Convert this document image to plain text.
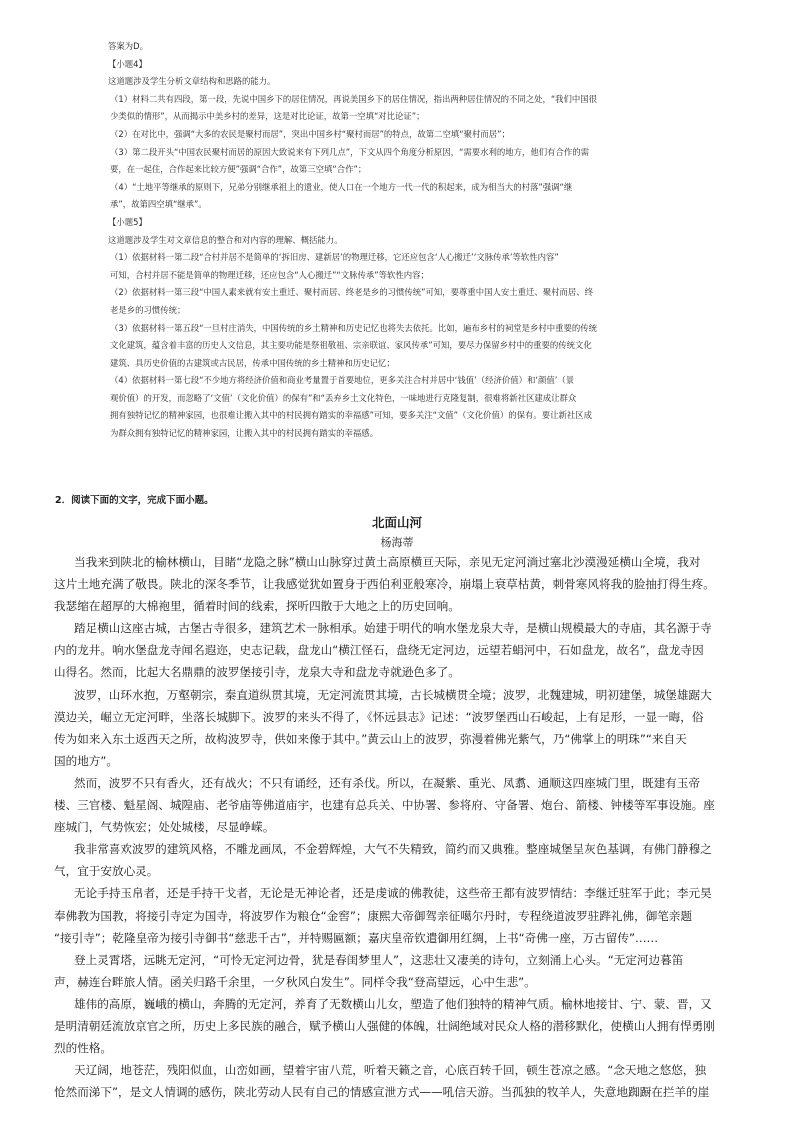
答案为D。
【小题4】
这道题涉及学生分析文章结构和思路的能力。
（1）材料二共有四段，第一段，先说中国乡下的居住情况，再说美国乡下的居住情况，指出两种居住情况的不同之处，“我们中国很
少类似的情形”，从而揭示中美乡村的差异，这是对比论证，故第一空填“对比论证”；
（2）在对比中，强调“大多的农民是聚村而居”，突出中国乡村“聚村而居”的特点，故第二空填“聚村而居”；
（3）第二段开头“中国农民聚村而居的原因大致说来有下列几点”，下文从四个角度分析原因，“需要水利的地方，他们有合作的需
要，在一起住，合作起来比较方便”强调“合作”，故第三空填“合作”；
（4）“土地平等继承的原则下，兄弟分别继承祖上的遗业，使人口在一个地方一代一代的积起来，成为相当大的村落”强调“继
承”，故第四空填“继承”。
【小题5】
这道题涉及学生对文章信息的整合和对内容的理解、概括能力。
（1）依据材料一第二段“合村并居不是简单的‘拆旧房、建新居’的物理迁移，它还应包含‘人心搬迁’‘文脉传承’等软性内容”
可知，合村并居不能是简单的物理迁移，还应包含“人心搬迁”“文脉传承”等软性内容；
（2）依据材料一第三段“中国人素来就有安土重迁、聚村而居、终老是乡的习惯传统”可知，要尊重中国人安土重迁、聚村而居、终
老是乡的习惯传统；
（3）依据材料一第五段“一旦村庄消失，中国传统的乡土精神和历史记忆也将失去依托。比如，遍布乡村的祠堂是乡村中重要的传统
文化建筑，蕴含着丰富的历史人文信息，其主要功能是祭祖敬祖、宗亲联谊、家风传承”可知，要尽力保留乡村中的重要的传统文化
建筑、具历史价值的古建筑或古民居，传承中国传统的乡土精神和历史记忆；
（4）依据材料一第七段“不少地方将经济价值和商业考量置于首要地位，更多关注合村并居中‘钱值’（经济价值）和‘颜值’（景
观价值）的开发，而忽略了‘文值’（文化价值）的保有”和“丢弃乡土文化特色，一味地进行克隆复制，很难将新社区建成让群众
拥有独特记忆的精神家园，也很难让搬入其中的村民拥有踏实的幸福感”可知，要多关注“文值”（文化价值）的保有。要让新社区成
为群众拥有独特记忆的精神家园，让搬入其中的村民拥有踏实的幸福感。
2．阅读下面的文字，完成下面小题。
北面山河
杨海蒂
当我来到陕北的榆林横山，目睹“龙隐之脉”横山山脉穿过黄土高原横亘天际，亲见无定河淌过塞北沙漠漫延横山全境，我对
这片土地充满了敬畏。陕北的深冬季节，让我感觉犹如置身于西伯利亚般寒冷，崩塌上衰草枯黄，刺骨寒风将我的脸抽打得生疼。
我瑟缩在超厚的大棉袍里，循着时间的线索，探听四散于大地之上的历史回响。
踏足横山这座古城，古堡古寺很多，建筑艺术一脉相承。始建于明代的响水堡龙泉大寺，是横山规模最大的寺庙，其名源于寺
内的龙井。响水堡盘龙寺闻名遐迩，史志记载，盘龙山“横江怪石，盘绕无定河边，远望若蜎河中，石如盘龙，故名”，盘龙寺因
山得名。然而，比起大名鼎鼎的波罗堡接引寺，龙泉大寺和盘龙寺就逊色多了。
波罗，山环水抱，万壑朝宗，秦直道纵贯其境，无定河流贯其境，古长城横贯全境；波罗，北魏建城，明初建堡，城堡雄踞大
漠边关，崛立无定河畔，坐落长城脚下。波罗的来头不得了，《怀远县志》记述：“波罗堡西山石峻起，上有足形，一显一晦，俗
传为如来入东土返西天之所，故构波罗寺，供如来像于其中。”黄云山上的波罗，弥漫着佛光紫气，乃“佛掌上的明珠”“来自天
国的地方”。
然而，波罗不只有香火，还有战火；不只有诵经，还有杀伐。所以，在凝紫、重光、凤翥、通顺这四座城门里，既建有玉帝
楼、三官楼、魁星阁、城隍庙、老爷庙等佛道庙宇，也建有总兵关、中协署、参将府、守备署、炮台、箭楼、钟楼等军事设施。座
座城门，气势恢宏；处处城楼，尽显峥嵘。
我非常喜欢波罗的建筑风格，不雕龙画凤，不金碧辉煌，大气不失精致，简约而又典雅。整座城堡呈灰色基调，有佛门静穆之
气，宜于安放心灵。
无论手持玉帛者，还是手持干戈者，无论是无神论者，还是虔诚的佛教徒，这些帝王都有波罗情结：李继迁驻军于此；李元昊
奉佛教为国教，将接引寺定为国寺，将波罗作为粮仓“金窖”；康熙大帝御驾亲征噶尔丹时，专程绕道波罗驻跸礼佛，御笔亲题
“接引寺”；乾隆皇帝为接引寺御书“慈悲千古”，并特赐匾额；嘉庆皇帝钦遣御用红绸，上书“奇佛一座，万古留传”……
登上灵霄塔，远眺无定河，“可怜无定河边骨，犹是春闺梦里人”，这悲壮又凄美的诗句，立刻涌上心头。“无定河边暮笛
声，赫连台畔旅人情。函关归路千余里，一夕秋风白发生”。同样令我“登高望远，心中生悲”。
雄伟的高原，巍峨的横山，奔腾的无定河，养育了无数横山儿女，塑造了他们独特的精神气质。榆林地接甘、宁、蒙、晋，又
是明清朝廷流放京官之所，历史上多民族的融合，赋予横山人强健的体魄，壮阔绝域对民众人格的潜移默化，使横山人拥有悍勇刚
烈的性格。
天辽阔，地苍茫，残阳似血，山峦如画，望着宇宙八荒，听着天籁之音，心底百转千回，顿生苍凉之感。“念天地之悠悠，独
怆然而涕下”，是文人情调的感伤，陕北劳动人民有自己的情感宣泄方式——吼信天游。当孤独的牧羊人，失意地踟蹰在拦羊的崖
